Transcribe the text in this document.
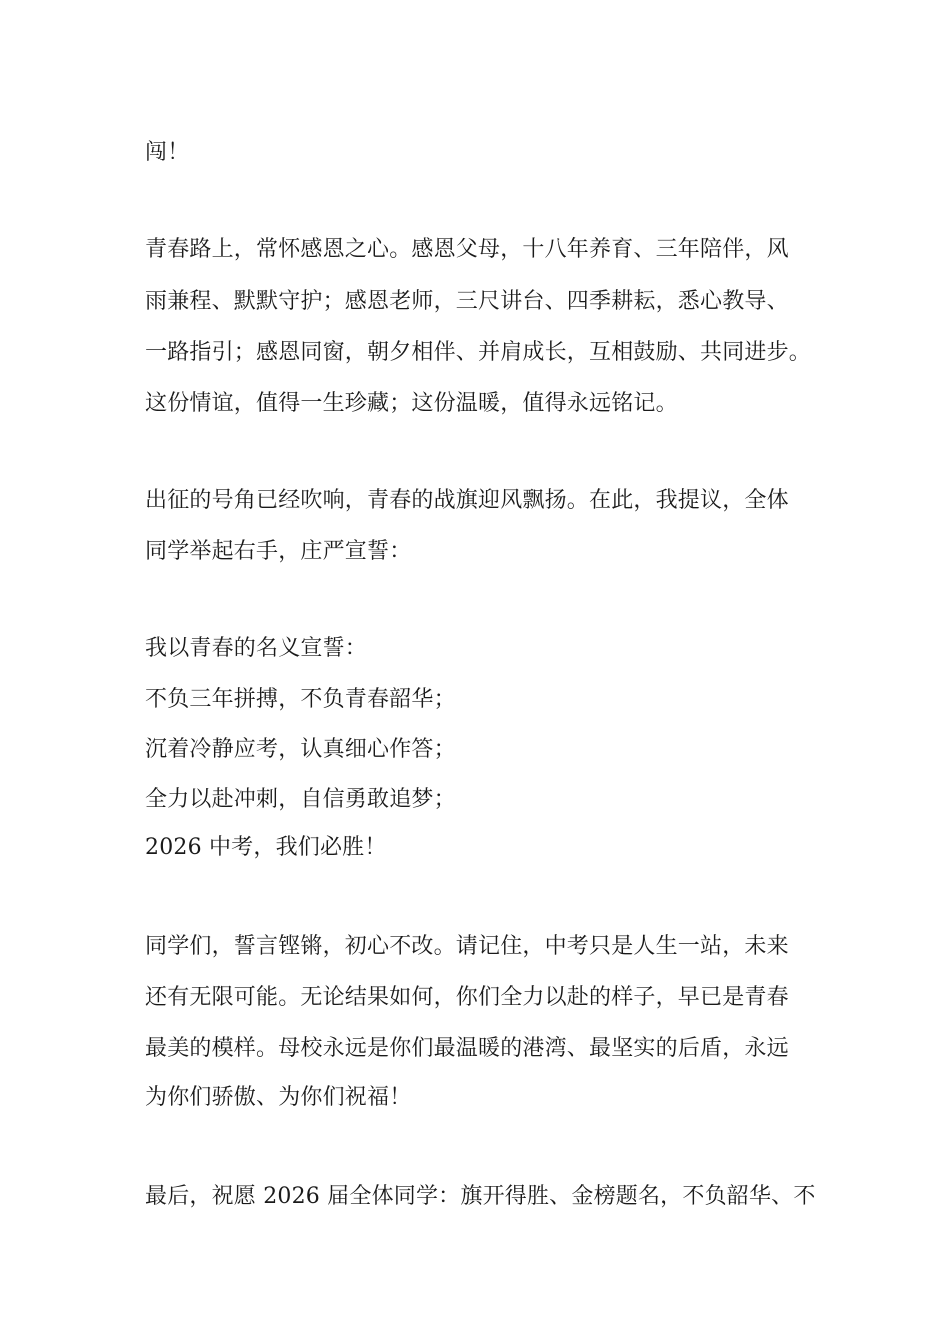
闯！
青春路上，常怀感恩之心。感恩父母，十八年养育、三年陪伴，风
雨兼程、默默守护；感恩老师，三尺讲台、四季耕耘，悉心教导、
一路指引；感恩同窗，朝夕相伴、并肩成长，互相鼓励、共同进步。
这份情谊，值得一生珍藏；这份温暖，值得永远铭记。
出征的号角已经吹响，青春的战旗迎风飘扬。在此，我提议，全体
同学举起右手，庄严宣誓：
我以青春的名义宣誓：
不负三年拼搏，不负青春韶华；
沉着冷静应考，认真细心作答；
全力以赴冲刺，自信勇敢追梦；
2026 中考，我们必胜！
同学们，誓言铿锵，初心不改。请记住，中考只是人生一站，未来
还有无限可能。无论结果如何，你们全力以赴的样子，早已是青春
最美的模样。母校永远是你们最温暖的港湾、最坚实的后盾，永远
为你们骄傲、为你们祝福！
最后，祝愿 2026 届全体同学：旗开得胜、金榜题名，不负韶华、不
